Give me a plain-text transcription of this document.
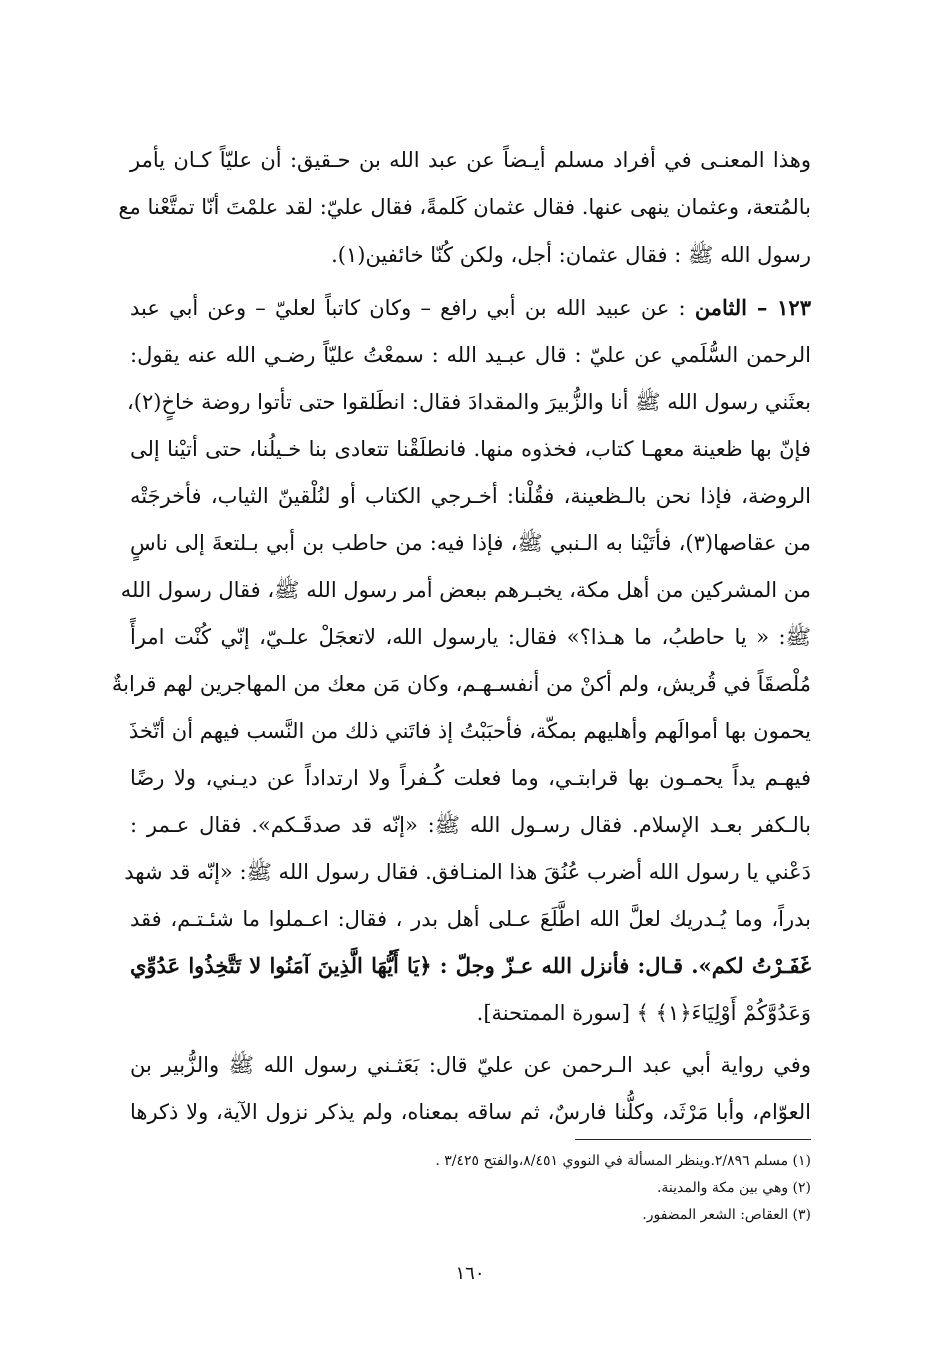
وهذا المعنـى في أفراد مسلم أيـضاً عن عبد الله بن حـقيق: أن عليّاً كـان يأمر
بالمُتعة، وعثمان ينهى عنها. فقال عثمان كَلمةً، فقال عليّ: لقد علمْتَ أنّا تمتَّعْنا مع
رسول الله ﷺ : فقال عثمان: أجل، ولكن كُنّا خائفين(١).
١٢٣ – الثامن : عن عبيد الله بن أبي رافع – وكان كاتباً لعليّ – وعن أبي عبد
الرحمن السُّلَمي عن عليّ : قال عبـيد الله : سمعْتُ عليّاً رضـي الله عنه يقول:
بعثَني رسول الله ﷺ أنا والزُّبيرَ والمقدادَ فقال: انطَلقوا حتى تأتوا روضة خاخٍ(٢)،
فإنّ بها ظعينة معهـا كتاب، فخذوه منها. فانطلَقْنا تتعادى بنا خـيلُنا، حتى أتيْنا إلى
الروضة، فإذا نحن بالـظعينة، فقُلْنا: أخـرجي الكتاب أو لنُلْقينّ الثياب، فأخرجَتْه
من عقاصها(٣)، فأتَيْنا به الـنبي ﷺ، فإذا فيه: من حاطب بن أبي بـلتعةَ إلى ناسٍ
من المشركين من أهل مكة، يخبـرهم ببعض أمر رسول الله ﷺ، فقال رسول الله
ﷺ: « يا حاطبُ، ما هـذا؟» فقال: يارسول الله، لاتعجَلْ علـيّ، إنّي كُنْت امرأً
مُلْصقَاً في قُريش، ولم أكنْ من أنفسـهـم، وكان مَن معك من المهاجرين لهم قرابةٌ
يحمون بها أموالَهم وأهليهم بمكّة، فأحبَبْتُ إذ فاتَني ذلك من النَّسب فيهم أن أتّخذَ
فيهـم يداً يحمـون بها قرابتـي، وما فعلت كُـفراً ولا ارتداداً عن ديـني، ولا رضًا
بالـكفر بعـد الإسلام. فقال رسـول الله ﷺ: «إنّه قد صدقَـكم». فقال عـمر :
دَعْني يا رسول الله أضرب عُنُقَ هذا المنـافق. فقال رسول الله ﷺ: «إنّه قد شهد
بدراً، وما يُـدريك لعلَّ الله اطَّلَعَ عـلى أهل بدر ، فقال: اعـملوا ما شئـتـم، فقد
غَفَـرْتُ لكم». قـال: فأنزل الله عـزّ وجلّ : ﴿يَا أَيُّهَا الَّذِينَ آمَنُوا لا تَتَّخِذُوا عَدُوِّي
وَعَدُوَّكُمْ أَوْلِيَاءَ﴿١﴾ ﴾ [سورة الممتحنة].
وفي رواية أبي عبد الـرحمن عن عليّ قال: بَعَثـني رسول الله ﷺ والزُّبير بن
العوّام، وأبا مَرْثَد، وكلُّنا فارسٌ، ثم ساقه بمعناه، ولم يذكر نزول الآية، ولا ذكرها
(١) مسلم ٢/٨٩٦.وينظر المسألة في النووي ٨/٤٥١،والفتح ٣/٤٢٥ .
(٢) وهي بين مكة والمدينة.
(٣) العقاص: الشعر المضفور.
١٦٠
